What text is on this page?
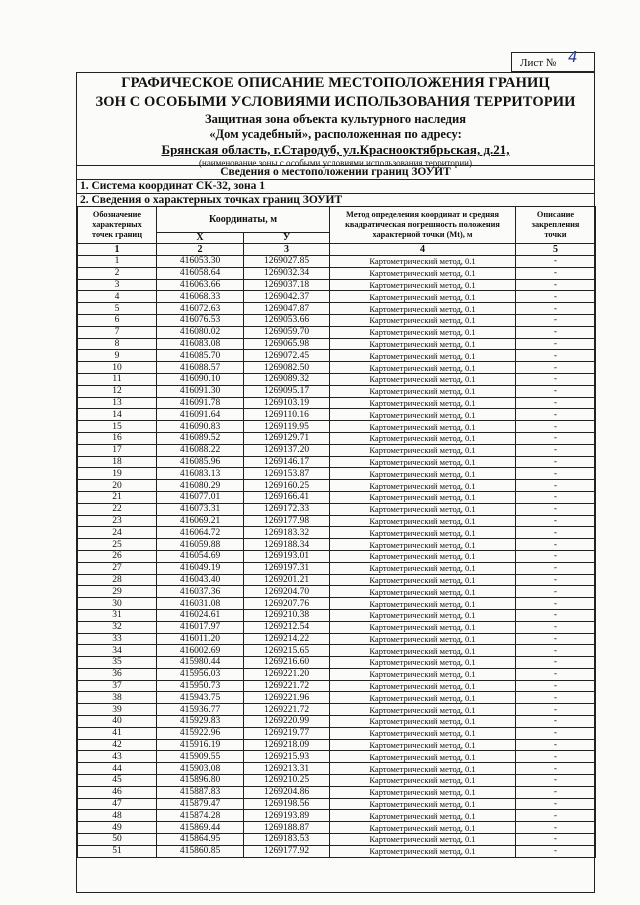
Лист № 4
ГРАФИЧЕСКОЕ ОПИСАНИЕ МЕСТОПОЛОЖЕНИЯ ГРАНИЦ
ЗОН С ОСОБЫМИ УСЛОВИЯМИ ИСПОЛЬЗОВАНИЯ ТЕРРИТОРИИ
Защитная зона объекта культурного наследия
«Дом усадебный», расположенная по адресу:
Брянская область, г.Стародуб, ул.Краснооктябрьская, д.21,
(наименование зоны с особыми условиями использования территории)
Сведения о местоположении границ ЗОУИТ
1. Система координат СК-32, зона 1
2. Сведения о характерных точках границ ЗОУИТ
Обозначение характерных точек границ	Координаты, м		Метод определения координат и средняя квадратическая погрешность положения характерной точки (Mt), м	Описание закрепления точки
	X	У		
1	2	3	4	5
1	416053.30	1269027.85	Картометрический метод, 0.1	-
2	416058.64	1269032.34	Картометрический метод, 0.1	-
3	416063.66	1269037.18	Картометрический метод, 0.1	-
4	416068.33	1269042.37	Картометрический метод, 0.1	-
5	416072.63	1269047.87	Картометрический метод, 0.1	-
6	416076.53	1269053.66	Картометрический метод, 0.1	-
7	416080.02	1269059.70	Картометрический метод, 0.1	-
8	416083.08	1269065.98	Картометрический метод, 0.1	-
9	416085.70	1269072.45	Картометрический метод, 0.1	-
10	416088.57	1269082.50	Картометрический метод, 0.1	-
11	416090.10	1269089.32	Картометрический метод, 0.1	-
12	416091.30	1269095.17	Картометрический метод, 0.1	-
13	416091.78	1269103.19	Картометрический метод, 0.1	-
14	416091.64	1269110.16	Картометрический метод, 0.1	-
15	416090.83	1269119.95	Картометрический метод, 0.1	-
16	416089.52	1269129.71	Картометрический метод, 0.1	-
17	416088.22	1269137.20	Картометрический метод, 0.1	-
18	416085.96	1269146.17	Картометрический метод, 0.1	-
19	416083.13	1269153.87	Картометрический метод, 0.1	-
20	416080.29	1269160.25	Картометрический метод, 0.1	-
21	416077.01	1269166.41	Картометрический метод, 0.1	-
22	416073.31	1269172.33	Картометрический метод, 0.1	-
23	416069.21	1269177.98	Картометрический метод, 0.1	-
24	416064.72	1269183.32	Картометрический метод, 0.1	-
25	416059.88	1269188.34	Картометрический метод, 0.1	-
26	416054.69	1269193.01	Картометрический метод, 0.1	-
27	416049.19	1269197.31	Картометрический метод, 0.1	-
28	416043.40	1269201.21	Картометрический метод, 0.1	-
29	416037.36	1269204.70	Картометрический метод, 0.1	-
30	416031.08	1269207.76	Картометрический метод, 0.1	-
31	416024.61	1269210.38	Картометрический метод, 0.1	-
32	416017.97	1269212.54	Картометрический метод, 0.1	-
33	416011.20	1269214.22	Картометрический метод, 0.1	-
34	416002.69	1269215.65	Картометрический метод, 0.1	-
35	415980.44	1269216.60	Картометрический метод, 0.1	-
36	415956.03	1269221.20	Картометрический метод, 0.1	-
37	415950.73	1269221.72	Картометрический метод, 0.1	-
38	415943.75	1269221.96	Картометрический метод, 0.1	-
39	415936.77	1269221.72	Картометрический метод, 0.1	-
40	415929.83	1269220.99	Картометрический метод, 0.1	-
41	415922.96	1269219.77	Картометрический метод, 0.1	-
42	415916.19	1269218.09	Картометрический метод, 0.1	-
43	415909.55	1269215.93	Картометрический метод, 0.1	-
44	415903.08	1269213.31	Картометрический метод, 0.1	-
45	415896.80	1269210.25	Картометрический метод, 0.1	-
46	415887.83	1269204.86	Картометрический метод, 0.1	-
47	415879.47	1269198.56	Картометрический метод, 0.1	-
48	415874.28	1269193.89	Картометрический метод, 0.1	-
49	415869.44	1269188.87	Картометрический метод, 0.1	-
50	415864.95	1269183.53	Картометрический метод, 0.1	-
51	415860.85	1269177.92	Картометрический метод, 0.1	-
